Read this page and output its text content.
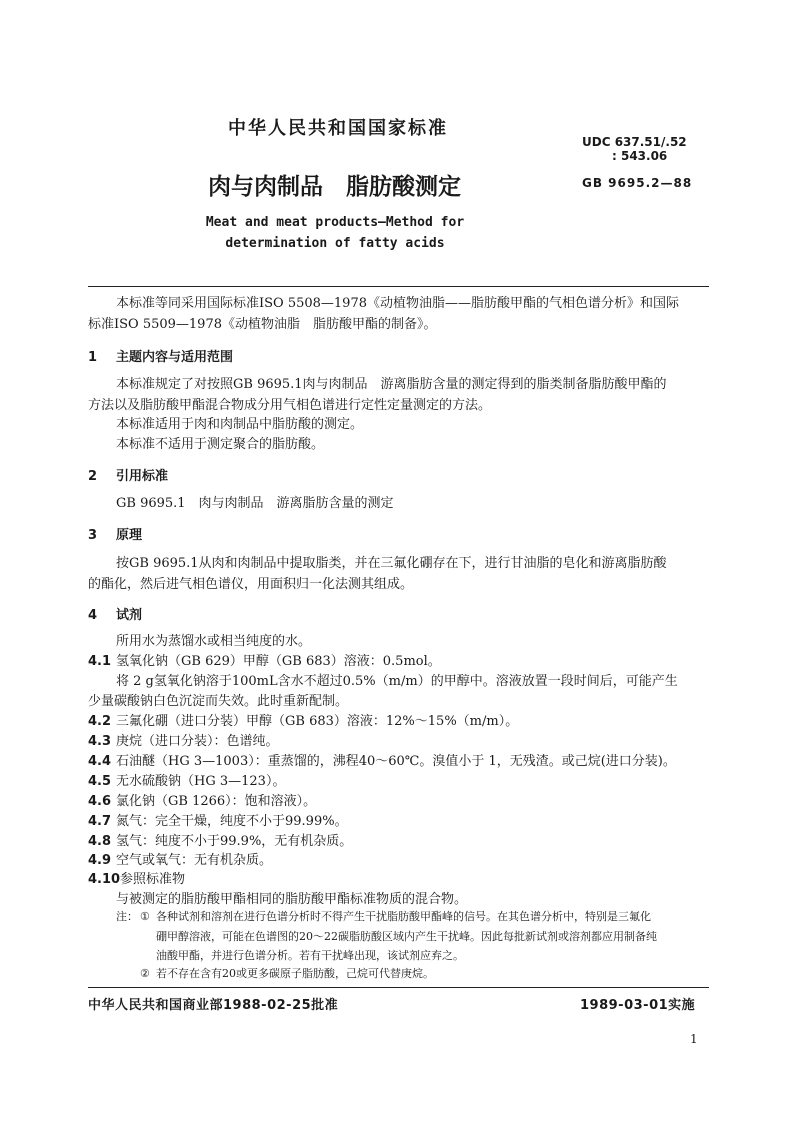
中华人民共和国国家标准
UDC 637.51/.52
: 543.06
肉与肉制品　脂肪酸测定	GB 9695.2—88
Meat and meat products—Method for
determination of fatty acids
本标准等同采用国际标准ISO 5508—1978《动植物油脂——脂肪酸甲酯的气相色谱分析》和国际
标准ISO 5509—1978《动植物油脂　脂肪酸甲酯的制备》。
1 主题内容与适用范围
本标准规定了对按照GB 9695.1肉与肉制品　游离脂肪含量的测定得到的脂类制备脂肪酸甲酯的
方法以及脂肪酸甲酯混合物成分用气相色谱进行定性定量测定的方法。
本标准适用于肉和肉制品中脂肪酸的测定。
本标准不适用于测定聚合的脂肪酸。
2 引用标准
GB 9695.1　肉与肉制品　游离脂肪含量的测定
3 原理
按GB 9695.1从肉和肉制品中提取脂类，并在三氟化硼存在下，进行甘油脂的皂化和游离脂肪酸
的酯化，然后进气相色谱仪，用面积归一化法测其组成。
4 试剂
所用水为蒸馏水或相当纯度的水。
4.1 氢氧化钠（GB 629）甲醇（GB 683）溶液：0.5mol。
将 2 g氢氧化钠溶于100mL含水不超过0.5%（m/m）的甲醇中。溶液放置一段时间后，可能产生
少量碳酸钠白色沉淀而失效。此时重新配制。
4.2 三氟化硼（进口分装）甲醇（GB 683）溶液：12%～15%（m/m）。
4.3 庚烷（进口分装）：色谱纯。
4.4 石油醚（HG 3—1003）：重蒸馏的，沸程40～60℃。溴值小于 1，无残渣。或己烷(进口分装)。
4.5 无水硫酸钠（HG 3—123）。
4.6 氯化钠（GB 1266）：饱和溶液）。
4.7 氮气：完全干燥，纯度不小于99.99%。
4.8 氢气：纯度不小于99.9%，无有机杂质。
4.9 空气或氧气：无有机杂质。
4.10参照标准物
与被测定的脂肪酸甲酯相同的脂肪酸甲酯标准物质的混合物。
注： ① 各种试剂和溶剂在进行色谱分析时不得产生干扰脂肪酸甲酯峰的信号。在其色谱分析中，特别是三氟化
硼甲醇溶液，可能在色谱图的20～22碳脂肪酸区域内产生干扰峰。因此每批新试剂或溶剂都应用制备纯
油酸甲酯，并进行色谱分析。若有干扰峰出现，该试剂应弃之。
② 若不存在含有20或更多碳原子脂肪酸，己烷可代替庚烷。
中华人民共和国商业部1988-02-25批准	1989-03-01实施
1
